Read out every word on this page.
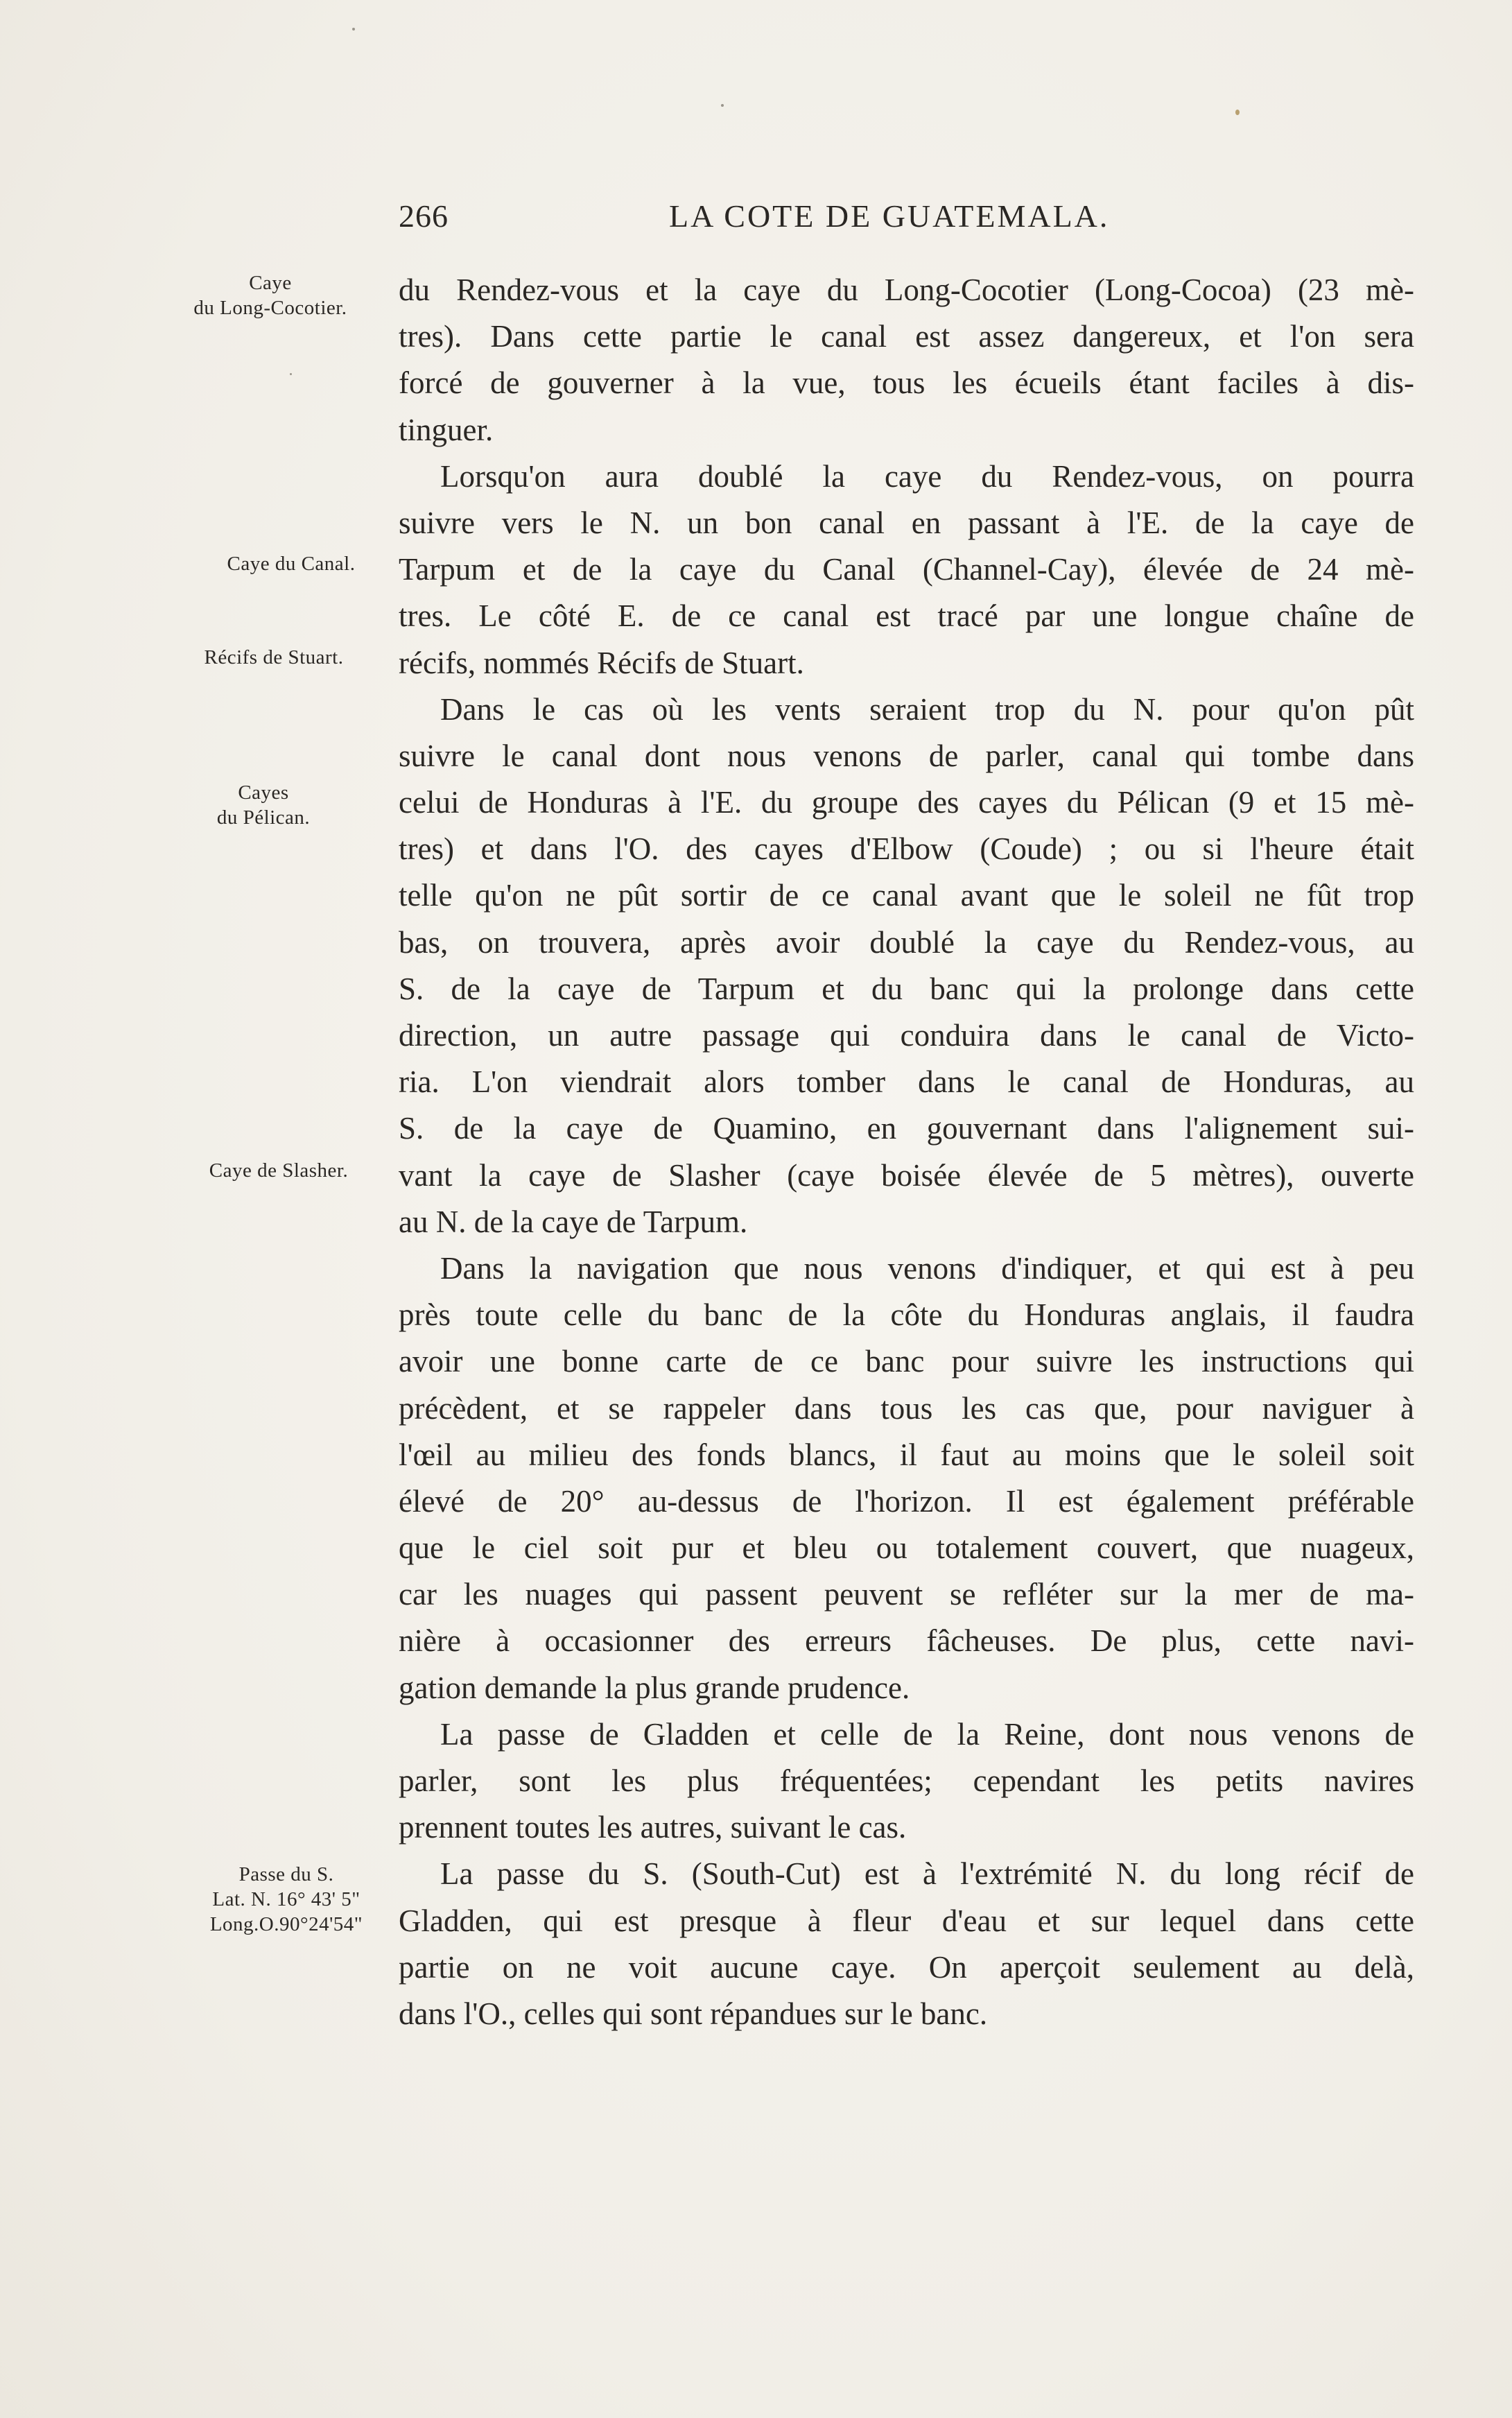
266	LA COTE DE GUATEMALA.
Caye
du Long-Cocotier.
Caye du Canal.
Récifs de Stuart.
Cayes
du Pélican.
Caye de Slasher.
Passe du S.
Lat. N. 16° 43' 5"
Long.O.90°24'54"
du Rendez-vous et la caye du Long-Cocotier (Long-Cocoa) (23 mè-
tres). Dans cette partie le canal est assez dangereux, et l'on sera
forcé de gouverner à la vue, tous les écueils étant faciles à dis-
tinguer.
Lorsqu'on aura doublé la caye du Rendez-vous, on pourra
suivre vers le N. un bon canal en passant à l'E. de la caye de
Tarpum et de la caye du Canal (Channel-Cay), élevée de 24 mè-
tres. Le côté E. de ce canal est tracé par une longue chaîne de
récifs, nommés Récifs de Stuart.
Dans le cas où les vents seraient trop du N. pour qu'on pût
suivre le canal dont nous venons de parler, canal qui tombe dans
celui de Honduras à l'E. du groupe des cayes du Pélican (9 et 15 mè-
tres) et dans l'O. des cayes d'Elbow (Coude) ; ou si l'heure était
telle qu'on ne pût sortir de ce canal avant que le soleil ne fût trop
bas, on trouvera, après avoir doublé la caye du Rendez-vous, au
S. de la caye de Tarpum et du banc qui la prolonge dans cette
direction, un autre passage qui conduira dans le canal de Victo-
ria. L'on viendrait alors tomber dans le canal de Honduras, au
S. de la caye de Quamino, en gouvernant dans l'alignement sui-
vant la caye de Slasher (caye boisée élevée de 5 mètres), ouverte
au N. de la caye de Tarpum.
Dans la navigation que nous venons d'indiquer, et qui est à peu
près toute celle du banc de la côte du Honduras anglais, il faudra
avoir une bonne carte de ce banc pour suivre les instructions qui
précèdent, et se rappeler dans tous les cas que, pour naviguer à
l'œil au milieu des fonds blancs, il faut au moins que le soleil soit
élevé de 20° au-dessus de l'horizon. Il est également préférable
que le ciel soit pur et bleu ou totalement couvert, que nuageux,
car les nuages qui passent peuvent se refléter sur la mer de ma-
nière à occasionner des erreurs fâcheuses. De plus, cette navi-
gation demande la plus grande prudence.
La passe de Gladden et celle de la Reine, dont nous venons de
parler, sont les plus fréquentées; cependant les petits navires
prennent toutes les autres, suivant le cas.
La passe du S. (South-Cut) est à l'extrémité N. du long récif de
Gladden, qui est presque à fleur d'eau et sur lequel dans cette
partie on ne voit aucune caye. On aperçoit seulement au delà,
dans l'O., celles qui sont répandues sur le banc.
